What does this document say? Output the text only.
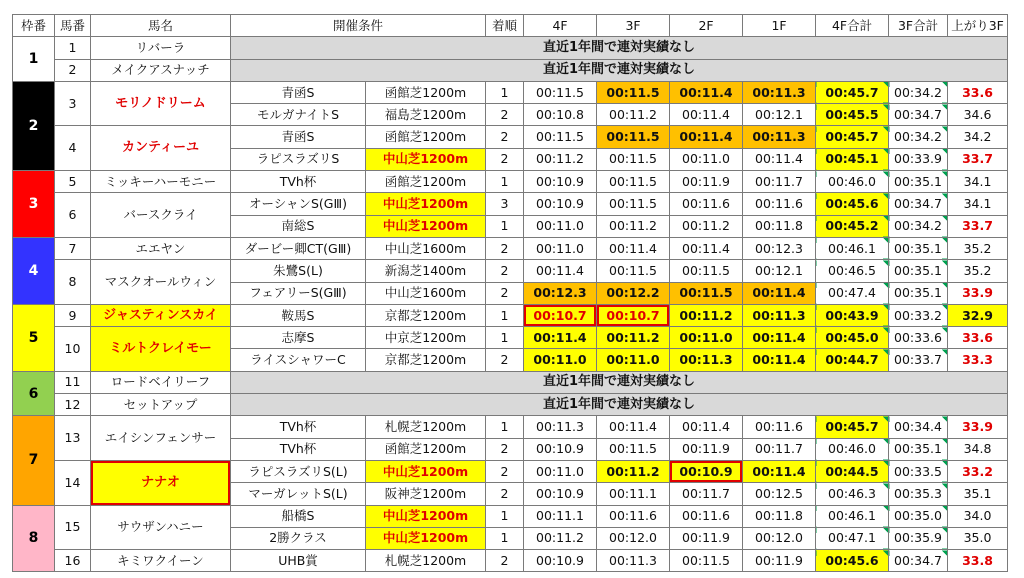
枠番	馬番	馬名	開催条件		着順	4F	3F	2F	1F	4F合計	3F合計	上がり3F
1	1	リバーラ	直近1年間で連対実績なし									
	2	メイクアスナッチ	直近1年間で連対実績なし									
2	3	モリノドリーム	青函S	函館芝1200m	1	00:11.5	00:11.5	00:11.4	00:11.3	00:45.7	00:34.2	33.6
			モルガナイトS	福島芝1200m	2	00:10.8	00:11.2	00:11.4	00:12.1	00:45.5	00:34.7	34.6
	4	カンティーユ	青函S	函館芝1200m	2	00:11.5	00:11.5	00:11.4	00:11.3	00:45.7	00:34.2	34.2
			ラピスラズリS	中山芝1200m	2	00:11.2	00:11.5	00:11.0	00:11.4	00:45.1	00:33.9	33.7
3	5	ミッキーハーモニー	TVh杯	函館芝1200m	1	00:10.9	00:11.5	00:11.9	00:11.7	00:46.0	00:35.1	34.1
	6	バースクライ	オーシャンS(GⅢ)	中山芝1200m	3	00:10.9	00:11.5	00:11.6	00:11.6	00:45.6	00:34.7	34.1
			南総S	中山芝1200m	1	00:11.0	00:11.2	00:11.2	00:11.8	00:45.2	00:34.2	33.7
4	7	エエヤン	ダービー卿CT(GⅢ)	中山芝1600m	2	00:11.0	00:11.4	00:11.4	00:12.3	00:46.1	00:35.1	35.2
	8	マスクオールウィン	朱鷺S(L)	新潟芝1400m	2	00:11.4	00:11.5	00:11.5	00:12.1	00:46.5	00:35.1	35.2
			フェアリーS(GⅢ)	中山芝1600m	2	00:12.3	00:12.2	00:11.5	00:11.4	00:47.4	00:35.1	33.9
5	9	ジャスティンスカイ	鞍馬S	京都芝1200m	1	00:10.7	00:10.7	00:11.2	00:11.3	00:43.9	00:33.2	32.9
	10	ミルトクレイモー	志摩S	中京芝1200m	1	00:11.4	00:11.2	00:11.0	00:11.4	00:45.0	00:33.6	33.6
			ライスシャワーC	京都芝1200m	2	00:11.0	00:11.0	00:11.3	00:11.4	00:44.7	00:33.7	33.3
6	11	ロードベイリーフ	直近1年間で連対実績なし									
	12	セットアップ	直近1年間で連対実績なし									
7	13	エイシンフェンサー	TVh杯	札幌芝1200m	1	00:11.3	00:11.4	00:11.4	00:11.6	00:45.7	00:34.4	33.9
			TVh杯	函館芝1200m	2	00:10.9	00:11.5	00:11.9	00:11.7	00:46.0	00:35.1	34.8
	14	ナナオ	ラピスラズリS(L)	中山芝1200m	2	00:11.0	00:11.2	00:10.9	00:11.4	00:44.5	00:33.5	33.2
			マーガレットS(L)	阪神芝1200m	2	00:10.9	00:11.1	00:11.7	00:12.5	00:46.3	00:35.3	35.1
8	15	サウザンハニー	船橋S	中山芝1200m	1	00:11.1	00:11.6	00:11.6	00:11.8	00:46.1	00:35.0	34.0
			2勝クラス	中山芝1200m	1	00:11.2	00:12.0	00:11.9	00:12.0	00:47.1	00:35.9	35.0
	16	キミワクイーン	UHB賞	札幌芝1200m	2	00:10.9	00:11.3	00:11.5	00:11.9	00:45.6	00:34.7	33.8
